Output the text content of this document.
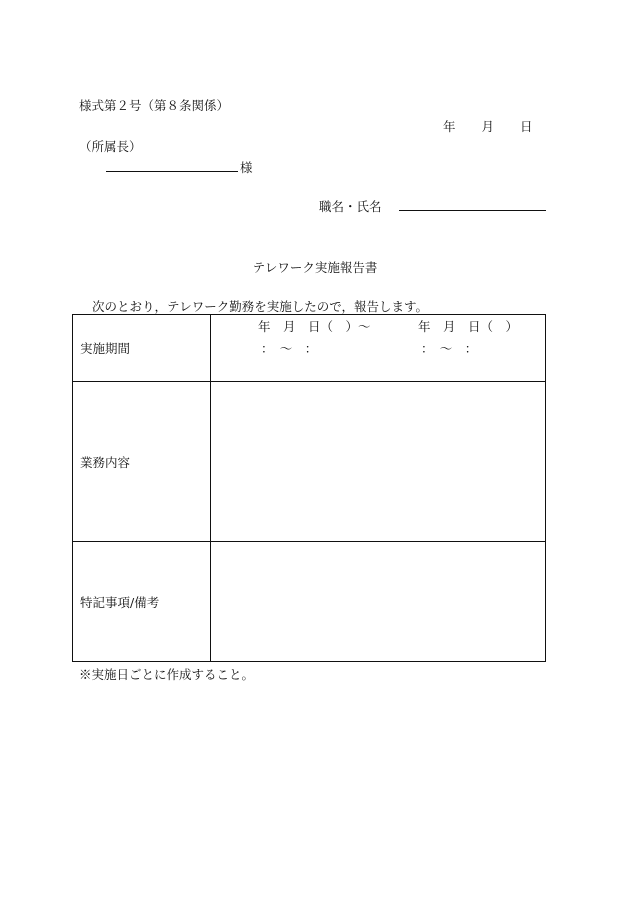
様式第２号（第８条関係）
年 月 日
（所属長）
様
職名・氏名
テレワーク実施報告書
次のとおり，テレワーク勤務を実施したので，報告します。
実施期間	年　月　日（　）～ 年　月　日（　）
：　～　： ：　～　：

業務内容	
特記事項/備考	
※実施日ごとに作成すること。
